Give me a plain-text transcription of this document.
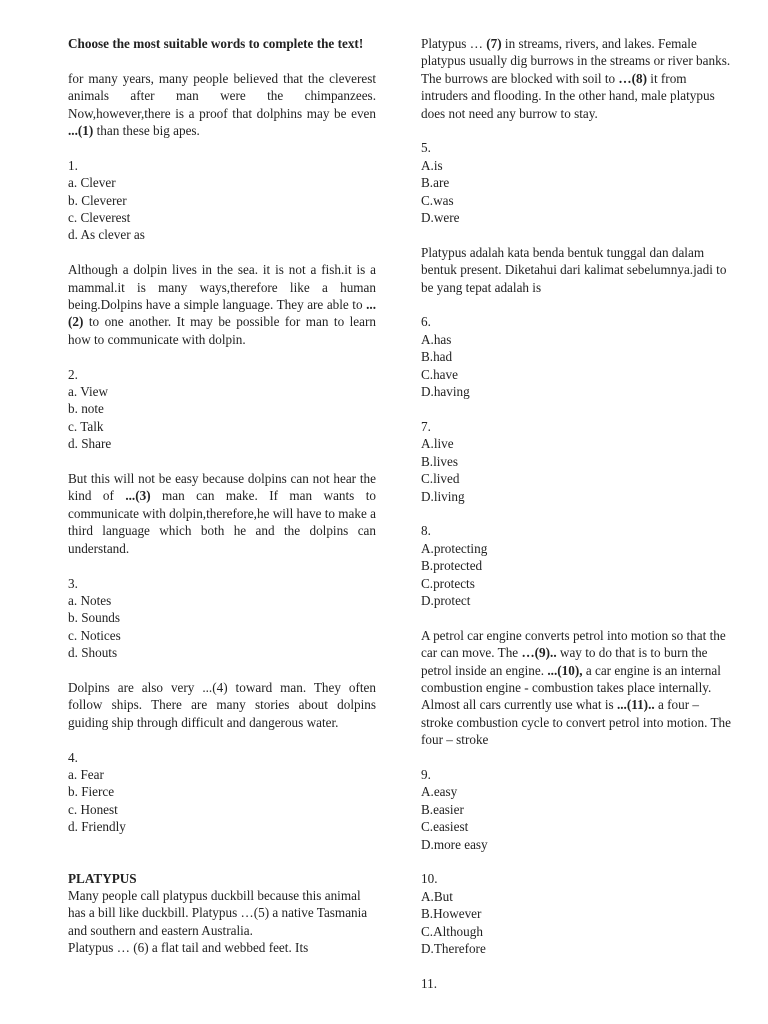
Choose the most suitable words to complete the text!

for many years, many people believed that the cleverest animals after man were the chimpanzees. Now,however,there is a proof that dolphins may be even ...(1) than these big apes.

1.
a. Clever
b. Cleverer
c. Cleverest
d. As clever as

Although a dolpin lives in the sea. it is not a fish.it is a mammal.it is many ways,therefore like a human being.Dolpins have a simple language. They are able to ...(2) to one another. It may be possible for man to learn how to communicate with dolpin.

2.
a. View
b. note
c. Talk
d. Share

But this will not be easy because dolpins can not hear the kind of ...(3) man can make. If man wants to communicate with dolpin,therefore,he will have to make a third language which both he and the dolpins can understand.

3.
a. Notes
b. Sounds
c. Notices
d. Shouts

Dolpins are also very ...(4) toward man. They often follow ships. There are many stories about dolpins guiding ship through difficult and dangerous water.

4.
a. Fear
b. Fierce
c. Honest
d. Friendly

PLATYPUS

Many people call platypus duckbill because this animal has a bill like duckbill. Platypus …(5) a native Tasmania and southern and eastern Australia.

Platypus … (6) a flat tail and webbed feet. Its

Platypus … (7) in streams, rivers, and lakes. Female platypus usually dig burrows in the streams or river banks. The burrows are blocked with soil to …(8) it from intruders and flooding. In the other hand, male platypus does not need any burrow to stay.

5.
A.is
B.are
C.was
D.were

Platypus adalah kata benda bentuk tunggal dan dalam bentuk present. Diketahui dari kalimat sebelumnya.jadi to be yang tepat adalah is

6.
A.has
B.had
C.have
D.having
7.
A.live
B.lives
C.lived
D.living
8.
A.protecting
B.protected
C.protects
D.protect

A petrol car engine converts petrol into motion so that the car can move. The …(9).. way to do that is to burn the petrol inside an engine. ...(10), a car engine is an internal combustion engine - combustion takes place internally. Almost all cars currently use what is ...(11).. a four – stroke combustion cycle to convert petrol into motion. The four – stroke

9.
A.easy
B.easier
C.easiest
D.more easy
10.
A.But
B.However
C.Although
D.Therefore
11.
